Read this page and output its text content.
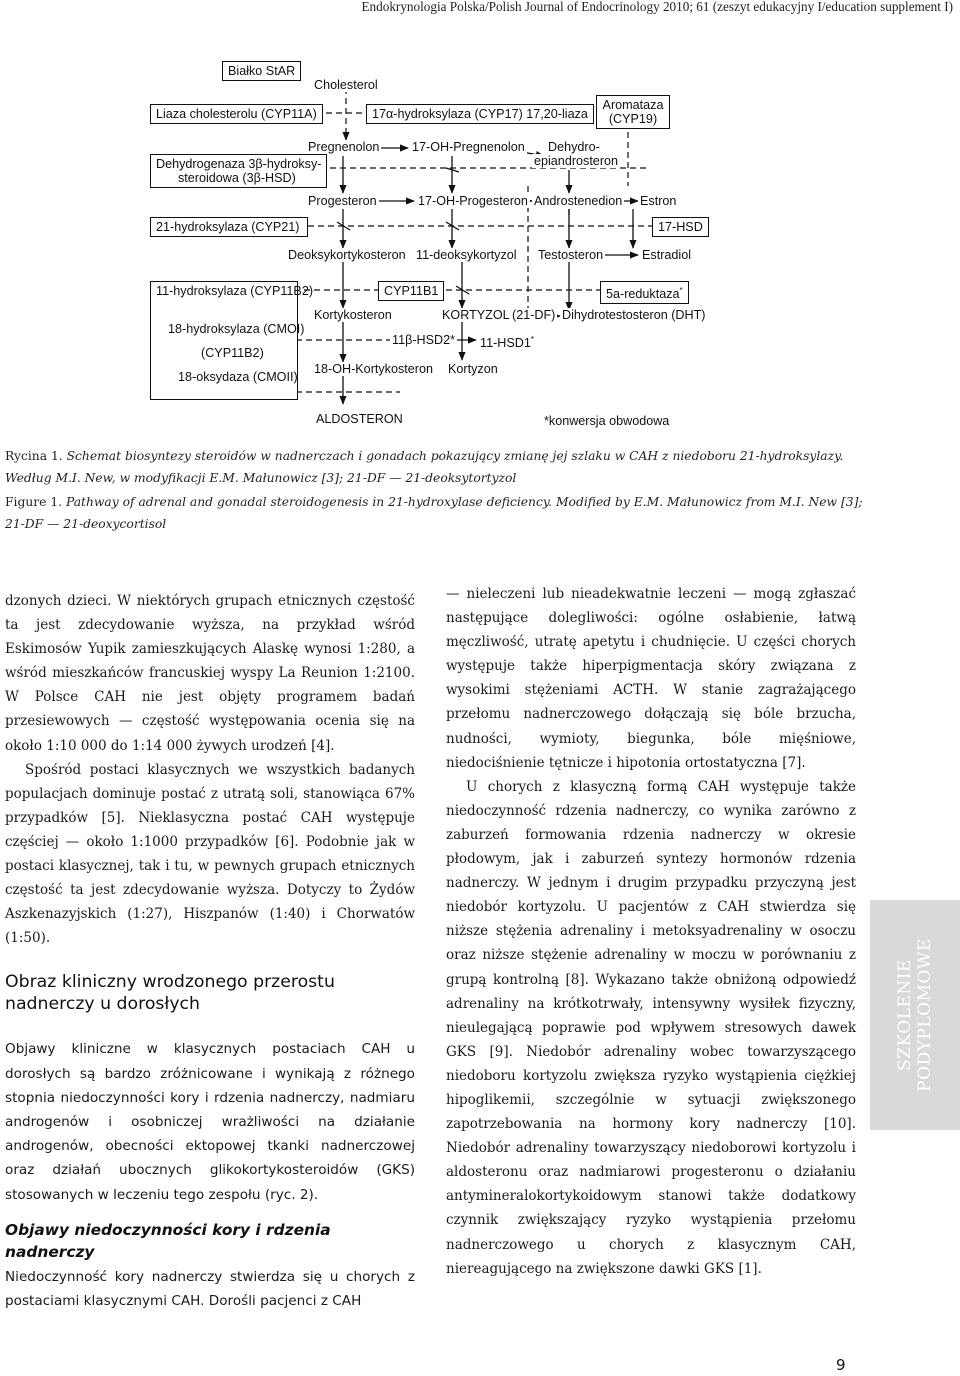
Endokrynologia Polska/Polish Journal of Endocrinology 2010; 61 (zeszyt edukacyjny I/education supplement I)
Białko StAR
Liaza cholesterolu (CYP11A)	17α-hydroksylaza (CYP17) 17,20-liaza
Aromataza
(CYP19)
Dehydrogenaza 3β-hydroksy-
steroidowa (3β-HSD)
21-hydroksylaza (CYP21)	17-HSD
11-hydroksylaza (CYP11B2)
18-hydroksylaza (CMOI)
(CYP11B2)
18-oksydaza (CMOII)
CYP11B1	5a-reduktaza*
Cholesterol
Pregnenolon	17-OH-Pregnenolon Dehydro-
epiandrosteron
Progesteron	17-OH-Progesteron Androstenedion Estron
Deoksykortykosteron 11-deoksykortyzol Testosteron	Estradiol
Kortykosteron	KORTYZOL (21-DF) Dihydrotestosteron (DHT)
11β-HSD2* 11-HSD1*
18-OH-Kortykosteron Kortyzon
ALDOSTERON	*konwersja obwodowa
Rycina 1. Schemat biosyntezy steroidów w nadnerczach i gonadach pokazujący zmianę jej szlaku w CAH z niedoboru 21-hydroksylazy. Według M.I. New, w modyfikacji E.M. Małunowicz [3]; 21-DF — 21-deoksytortyzol
Figure 1. Pathway of adrenal and gonadal steroidogenesis in 21-hydroxylase deficiency. Modified by E.M. Małunowicz from M.I. New [3]; 21-DF — 21-deoxycortisol

dzonych dzieci. W niektórych grupach etnicznych częstość ta jest zdecydowanie wyższa, na przykład wśród Eskimosów Yupik zamieszkujących Alaskę wynosi 1:280, a wśród mieszkańców francuskiej wyspy La Reunion 1:2100. W Polsce CAH nie jest objęty programem badań przesiewowych — częstość występowania ocenia się na około 1:10 000 do 1:14 000 żywych urodzeń [4].

Spośród postaci klasycznych we wszystkich badanych populacjach dominuje postać z utratą soli, stanowiąca 67% przypadków [5]. Nieklasyczna postać CAH występuje częściej — około 1:1000 przypadków [6]. Podobnie jak w postaci klasycznej, tak i tu, w pewnych grupach etnicznych częstość ta jest zdecydowanie wyższa. Dotyczy to Żydów Aszkenazyjskich (1:27), Hiszpanów (1:40) i Chorwatów (1:50).

Obraz kliniczny wrodzonego przerostu nadnerczy u dorosłych

Objawy kliniczne w klasycznych postaciach CAH u dorosłych są bardzo zróżnicowane i wynikają z różnego stopnia niedoczynności kory i rdzenia nadnerczy, nadmiaru androgenów i osobniczej wrażliwości na działanie androgenów, obecności ektopowej tkanki nadnerczowej oraz działań ubocznych glikokortykosteroidów (GKS) stosowanych w leczeniu tego zespołu (ryc. 2).

Objawy niedoczynności kory i rdzenia nadnerczy

Niedoczynność kory nadnerczy stwierdza się u chorych z postaciami klasycznymi CAH. Dorośli pacjenci z CAH

— nieleczeni lub nieadekwatnie leczeni — mogą zgłaszać następujące dolegliwości: ogólne osłabienie, łatwą męczliwość, utratę apetytu i chudnięcie. U części chorych występuje także hiperpigmentacja skóry związana z wysokimi stężeniami ACTH. W stanie zagrażającego przełomu nadnerczowego dołączają się bóle brzucha, nudności, wymioty, biegunka, bóle mięśniowe, niedociśnienie tętnicze i hipotonia ortostatyczna [7].

U chorych z klasyczną formą CAH występuje także niedoczynność rdzenia nadnerczy, co wynika zarówno z zaburzeń formowania rdzenia nadnerczy w okresie płodowym, jak i zaburzeń syntezy hormonów rdzenia nadnerczy. W jednym i drugim przypadku przyczyną jest niedobór kortyzolu. U pacjentów z CAH stwierdza się niższe stężenia adrenaliny i metoksyadrenaliny w osoczu oraz niższe stężenie adrenaliny w moczu w porównaniu z grupą kontrolną [8]. Wykazano także obniżoną odpowiedź adrenaliny na krótkotrwały, intensywny wysiłek fizyczny, nieulegającą poprawie pod wpływem stresowych dawek GKS [9]. Niedobór adrenaliny wobec towarzyszącego niedoboru kortyzolu zwiększa ryzyko wystąpienia ciężkiej hipoglikemii, szczególnie w sytuacji zwiększonego zapotrzebowania na hormony kory nadnerczy [10]. Niedobór adrenaliny towarzyszący niedoborowi kortyzolu i aldosteronu oraz nadmiarowi progesteronu o działaniu antymineralokortykoidowym stanowi także dodatkowy czynnik zwiększający ryzyko wystąpienia przełomu nadnerczowego u chorych z klasycznym CAH, niereagującego na zwiększone dawki GKS [1].

SZKOLENIE PODYPLOMOWE
9
